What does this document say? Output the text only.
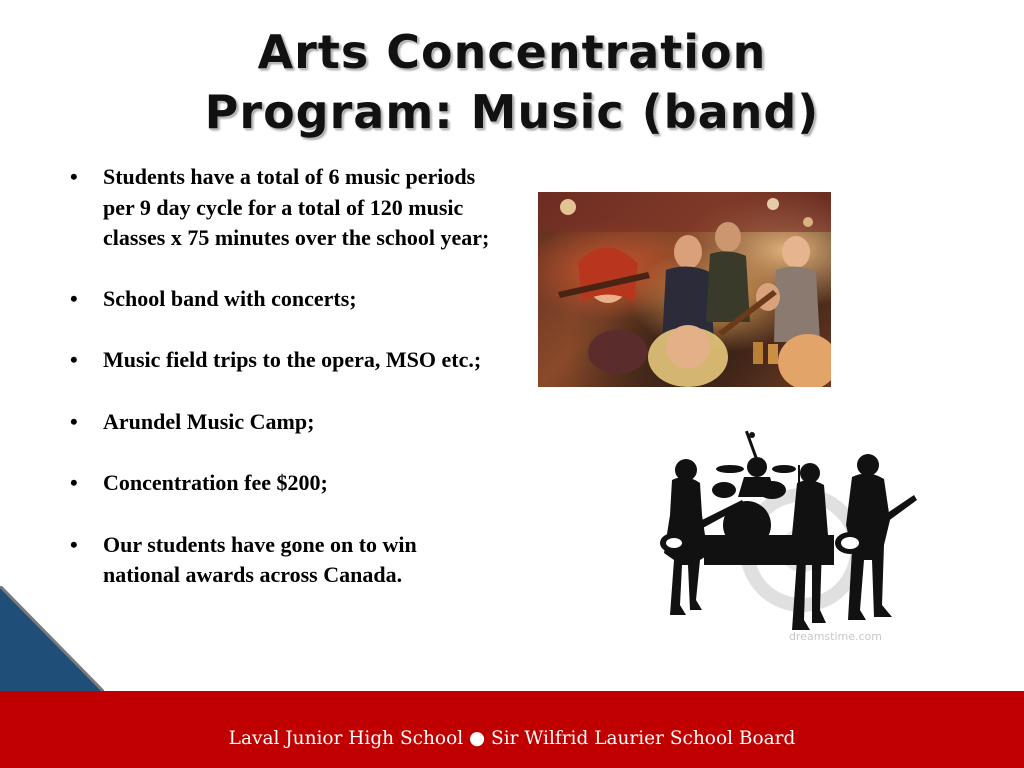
Arts Concentration
Program: Music (band)
• Students have a total of 6 music periods per 9 day cycle for a total of 120 music classes x 75 minutes over the school year;
• School band with concerts;
• Music field trips to the opera, MSO etc.;
• Arundel Music Camp;
• Concentration fee $200;
• Our students have gone on to win national awards across Canada.
dreamstime.com
Laval Junior High School ● Sir Wilfrid Laurier School Board
